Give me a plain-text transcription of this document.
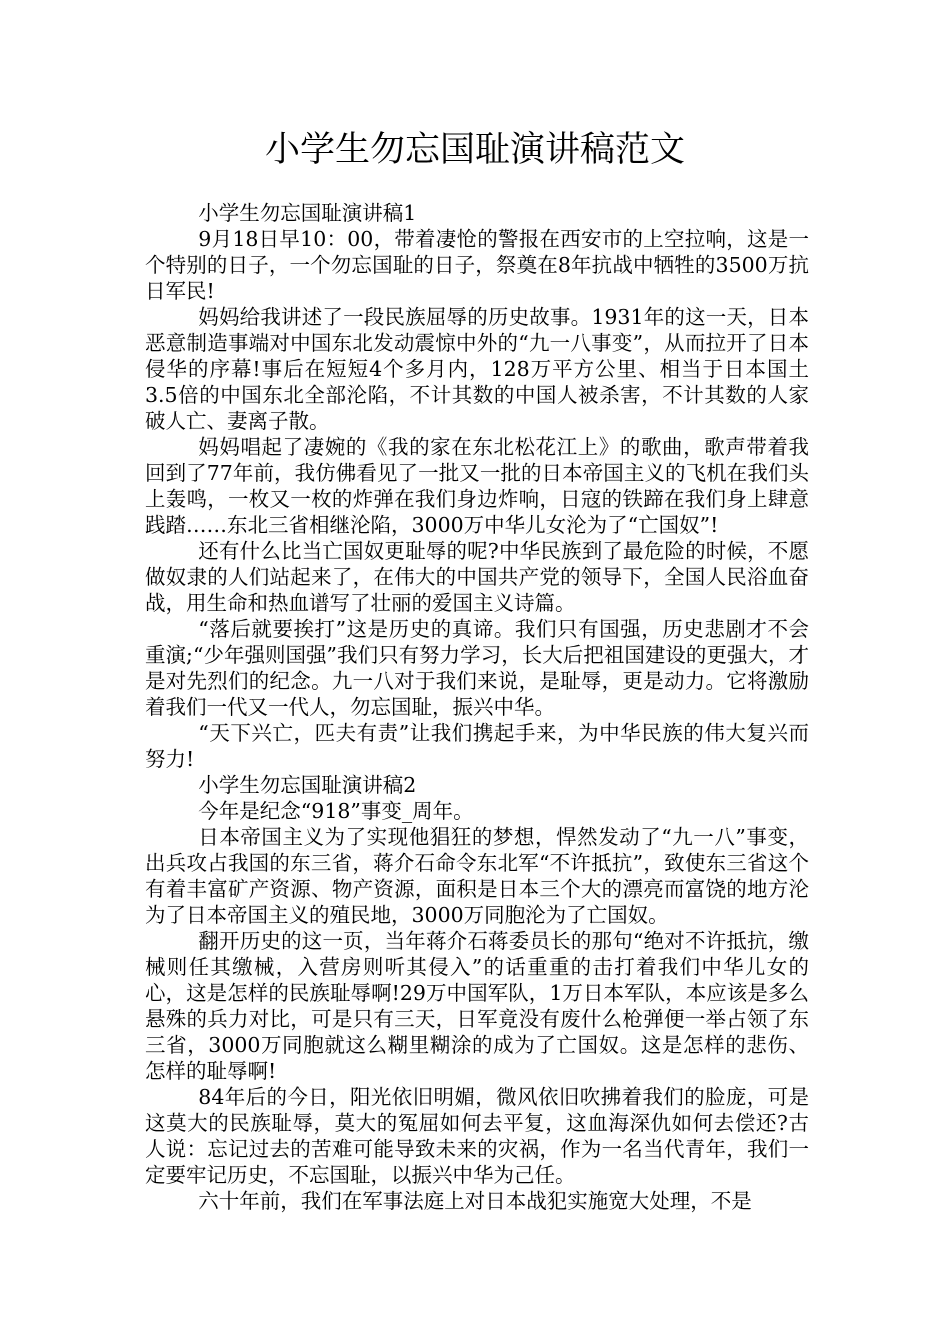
小学生勿忘国耻演讲稿范文

小学生勿忘国耻演讲稿1

9月18日早10：00，带着凄怆的警报在西安市的上空拉响，这是一个特别的日子，一个勿忘国耻的日子，祭奠在8年抗战中牺牲的3500万抗日军民!

妈妈给我讲述了一段民族屈辱的历史故事。1931年的这一天，日本恶意制造事端对中国东北发动震惊中外的“九一八事变”，从而拉开了日本侵华的序幕!事后在短短4个多月内，128万平方公里、相当于日本国土3.5倍的中国东北全部沦陷，不计其数的中国人被杀害，不计其数的人家破人亡、妻离子散。

妈妈唱起了凄婉的《我的家在东北松花江上》的歌曲，歌声带着我回到了77年前，我仿佛看见了一批又一批的日本帝国主义的飞机在我们头上轰鸣，一枚又一枚的炸弹在我们身边炸响，日寇的铁蹄在我们身上肆意践踏……东北三省相继沦陷，3000万中华儿女沦为了“亡国奴”!

还有什么比当亡国奴更耻辱的呢?中华民族到了最危险的时候，不愿做奴隶的人们站起来了，在伟大的中国共产党的领导下，全国人民浴血奋战，用生命和热血谱写了壮丽的爱国主义诗篇。

“落后就要挨打”这是历史的真谛。我们只有国强，历史悲剧才不会重演;“少年强则国强”我们只有努力学习，长大后把祖国建设的更强大，才是对先烈们的纪念。九一八对于我们来说，是耻辱，更是动力。它将激励着我们一代又一代人，勿忘国耻，振兴中华。

“天下兴亡，匹夫有责”让我们携起手来，为中华民族的伟大复兴而努力!

小学生勿忘国耻演讲稿2

今年是纪念“918”事变_周年。

日本帝国主义为了实现他猖狂的梦想，悍然发动了“九一八”事变，出兵攻占我国的东三省，蒋介石命令东北军“不许抵抗”，致使东三省这个有着丰富矿产资源、物产资源，面积是日本三个大的漂亮而富饶的地方沦为了日本帝国主义的殖民地，3000万同胞沦为了亡国奴。

翻开历史的这一页，当年蒋介石蒋委员长的那句“绝对不许抵抗，缴械则任其缴械，入营房则听其侵入”的话重重的击打着我们中华儿女的心，这是怎样的民族耻辱啊!29万中国军队，1万日本军队，本应该是多么悬殊的兵力对比，可是只有三天，日军竟没有废什么枪弹便一举占领了东三省，3000万同胞就这么糊里糊涂的成为了亡国奴。这是怎样的悲伤、怎样的耻辱啊!

84年后的今日，阳光依旧明媚，微风依旧吹拂着我们的脸庞，可是这莫大的民族耻辱，莫大的冤屈如何去平复，这血海深仇如何去偿还?古人说：忘记过去的苦难可能导致未来的灾祸，作为一名当代青年，我们一定要牢记历史，不忘国耻，以振兴中华为己任。

六十年前，我们在军事法庭上对日本战犯实施宽大处理，不是
